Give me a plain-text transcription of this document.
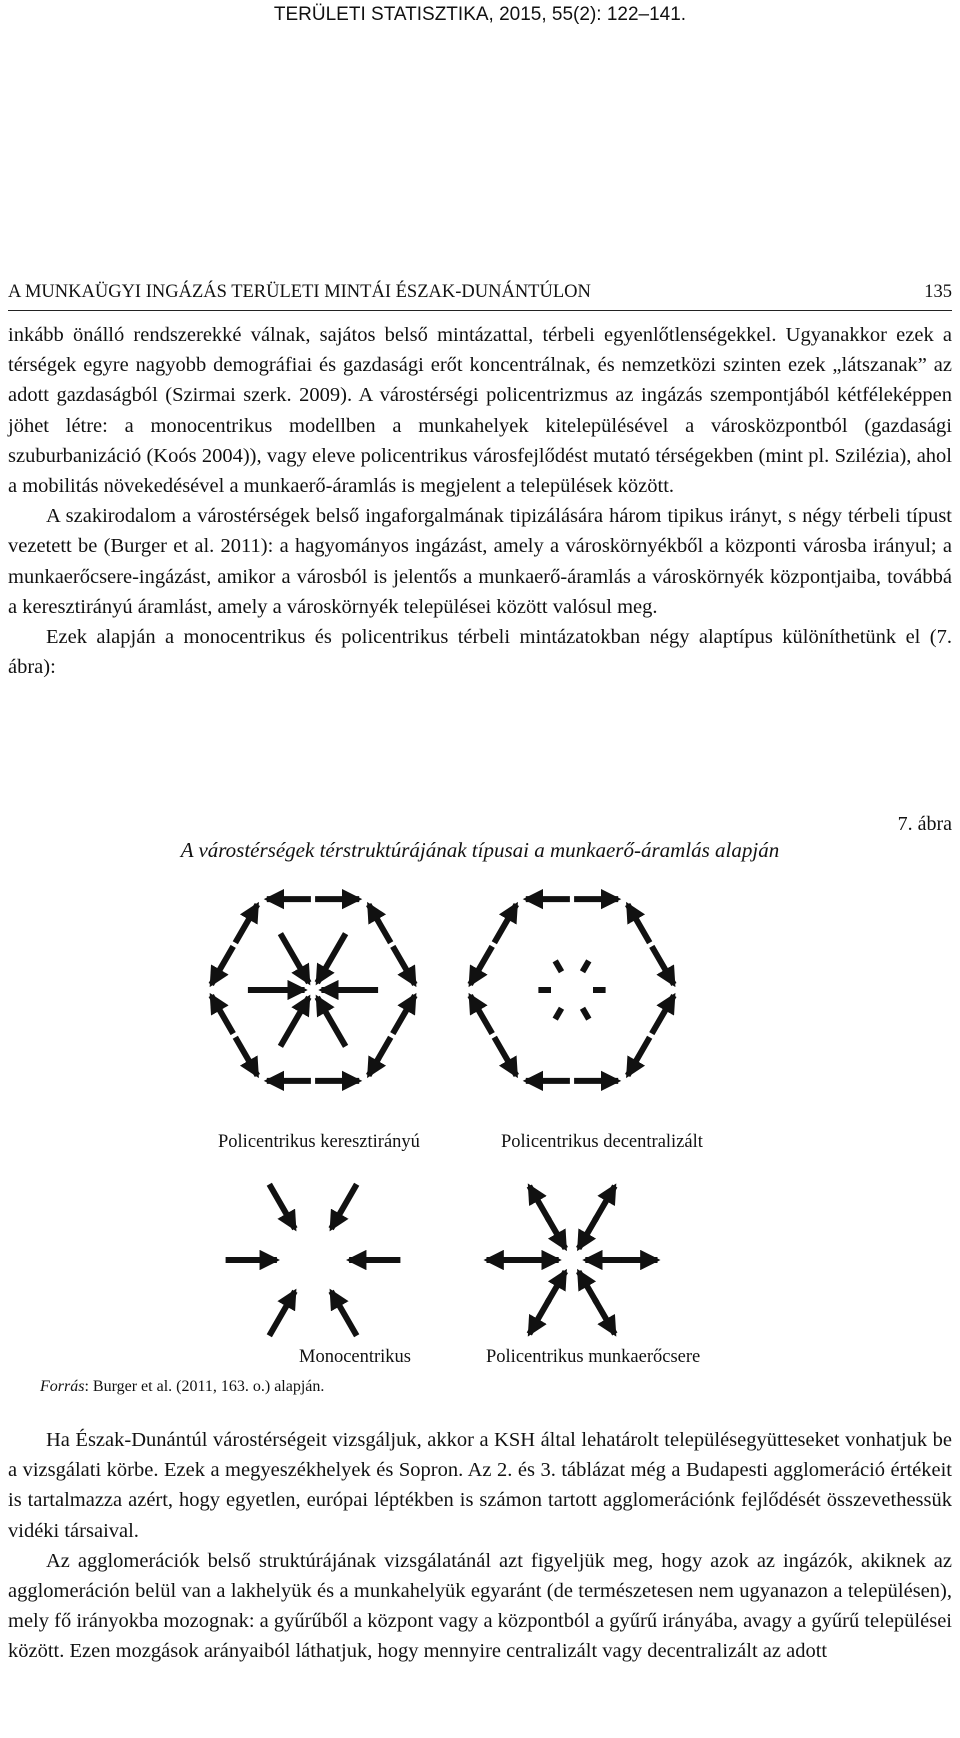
TERÜLETI STATISZTIKA, 2015, 55(2): 122–141.
A MUNKAÜGYI INGÁZÁS TERÜLETI MINTÁI ÉSZAK-DUNÁNTÚLON	135

inkább önálló rendszerekké válnak, sajátos belső mintázattal, térbeli egyenlőtlenségekkel. Ugyanakkor ezek a térségek egyre nagyobb demográfiai és gazdasági erőt koncentrálnak, és nemzetközi szinten ezek „látszanak” az adott gazdaságból (Szirmai szerk. 2009). A várostérségi policentrizmus az ingázás szempontjából kétféleképpen jöhet létre: a monocentrikus modellben a munkahelyek kitelepülésével a városközpontból (gazdasági szuburbanizáció (Koós 2004)), vagy eleve policentrikus városfejlődést mutató térségekben (mint pl. Szilézia), ahol a mobilitás növekedésével a munkaerő-áramlás is megjelent a települések között.

A szakirodalom a várostérségek belső ingaforgalmának tipizálására három tipikus irányt, s négy térbeli típust vezetett be (Burger et al. 2011): a hagyományos ingázást, amely a városkörnyékből a központi városba irányul; a munkaerőcsere-ingázást, amikor a városból is jelentős a munkaerő-áramlás a városkörnyék központjaiba, továbbá a keresztirányú áramlást, amely a városkörnyék települései között valósul meg.

Ezek alapján a monocentrikus és policentrikus térbeli mintázatokban négy alaptípus különíthetünk el (7. ábra):

7. ábra
A várostérségek térstruktúrájának típusai a munkaerő-áramlás alapján
Policentrikus keresztirányú	Policentrikus decentralizált
Monocentrikus	Policentrikus munkaerőcsere
Forrás: Burger et al. (2011, 163. o.) alapján.

Ha Észak-Dunántúl várostérségeit vizsgáljuk, akkor a KSH által lehatárolt településegyütteseket vonhatjuk be a vizsgálati körbe. Ezek a megyeszékhelyek és Sopron. Az 2. és 3. táblázat még a Budapesti agglomeráció értékeit is tartalmazza azért, hogy egyetlen, európai léptékben is számon tartott agglomerációnk fejlődését összevethessük vidéki társaival.

Az agglomerációk belső struktúrájának vizsgálatánál azt figyeljük meg, hogy azok az ingázók, akiknek az agglomeráción belül van a lakhelyük és a munkahelyük egyaránt (de természetesen nem ugyanazon a településen), mely fő irányokba mozognak: a gyűrűből a központ vagy a központból a gyűrű irányába, avagy a gyűrű települései között. Ezen mozgások arányaiból láthatjuk, hogy mennyire centralizált vagy decentralizált az adott
